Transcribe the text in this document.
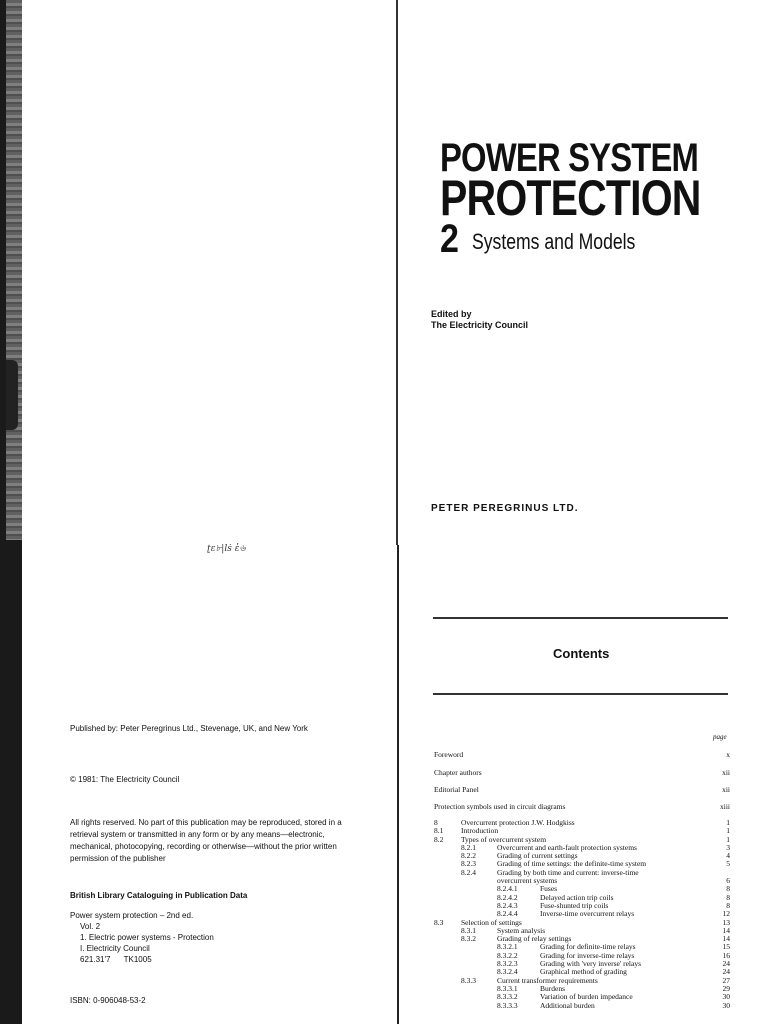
POWER SYSTEM
PROTECTION
2 Systems and Models
Edited by
The Electricity Council
PETER PEREGRINUS LTD.
ʈɛ৮|lṡ ἐ৬
Published by: Peter Peregrinus Ltd., Stevenage, UK, and New York
© 1981: The Electricity Council
All rights reserved. No part of this publication may be reproduced, stored in a
retrieval system or transmitted in any form or by any means—electronic,
mechanical, photocopying, recording or otherwise—without the prior written
permission of the publisher
British Library Cataloguing in Publication Data
Power system protection – 2nd ed.
Vol. 2
1. Electric power systems - Protection
I. Electricity Council
621.31'7      TK1005
ISBN: 0-906048-53-2
Contents
page
Foreword	x
Chapter authors	xii
Editorial Panel	xii
Protection symbols used in circuit diagrams	xiii
8	Overcurrent protection J.W. Hodgkiss	1
8.1 Introduction	1
8.2 Types of overcurrent system	1
8.2.1	Overcurrent and earth-fault protection systems	3
8.2.2	Grading of current settings	4
8.2.3	Grading of time settings: the definite-time system	5
8.2.4	Grading by both time and current: inverse-time
overcurrent systems	6
8.2.4.1	Fuses	8
8.2.4.2	Delayed action trip coils	8
8.2.4.3	Fuse-shunted trip coils	8
8.2.4.4	Inverse-time overcurrent relays	12
8.3 Selection of settings	13
8.3.1	System analysis	14
8.3.2	Grading of relay settings	14
8.3.2.1	Grading for definite-time relays	15
8.3.2.2	Grading for inverse-time relays	16
8.3.2.3	Grading with 'very inverse' relays	24
8.3.2.4	Graphical method of grading	24
8.3.3	Current transformer requirements	27
8.3.3.1	Burdens	29
8.3.3.2	Variation of burden impedance	30
8.3.3.3	Additional burden	30
